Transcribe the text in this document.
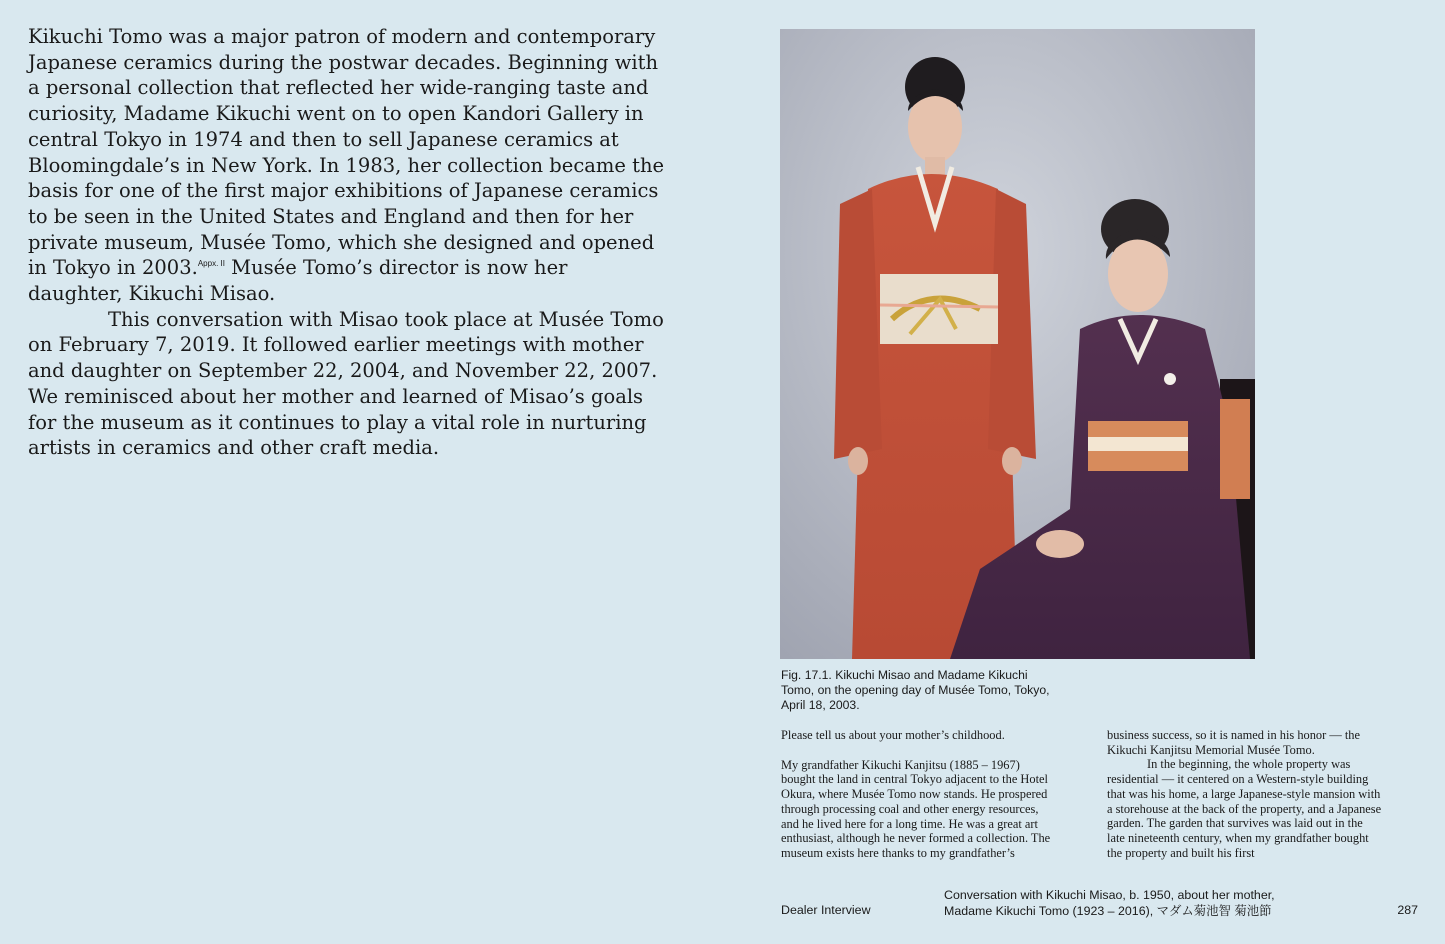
Kikuchi Tomo was a major patron of modern and contemporary Japanese ceramics during the postwar decades. Beginning with a personal collection that reflected her wide-ranging taste and curiosity, Madame Kikuchi went on to open Kandori Gallery in central Tokyo in 1974 and then to sell Japanese ceramics at Bloomingdale’s in New York. In 1983, her collection became the basis for one of the first major exhibitions of Japanese ceramics to be seen in the United States and England and then for her private museum, Musée Tomo, which she designed and opened in Tokyo in 2003.$^{Appx. II}$ Musée Tomo’s director is now her daughter, Kikuchi Misao.

This conversation with Misao took place at Musée Tomo on February 7, 2019. It followed earlier meetings with mother and daughter on September 22, 2004, and November 22, 2007. We reminisced about her mother and learned of Misao’s goals for the museum as it continues to play a vital role in nurturing artists in ceramics and other craft media.

Fig. 17.1. Kikuchi Misao and Madame Kikuchi Tomo, on the opening day of Musée Tomo, Tokyo, April 18, 2003.

Please tell us about your mother’s childhood.

My grandfather Kikuchi Kanjitsu (1885 – 1967) bought the land in central Tokyo adjacent to the Hotel Okura, where Musée Tomo now stands. He prospered through processing coal and other energy resources, and he lived here for a long time. He was a great art enthusiast, although he never formed a collection. The museum exists here thanks to my grandfather’s

business success, so it is named in his honor — the Kikuchi Kanjitsu Memorial Musée Tomo.

In the beginning, the whole property was residential — it centered on a Western-style building that was his home, a large Japanese-style mansion with a storehouse at the back of the property, and a Japanese garden. The garden that survives was laid out in the late nineteenth century, when my grandfather bought the property and built his first

Dealer Interview
Conversation with Kikuchi Misao, b. 1950, about her mother,
Madame Kikuchi Tomo (1923 – 2016), マダム菊池智 菊池節	287
